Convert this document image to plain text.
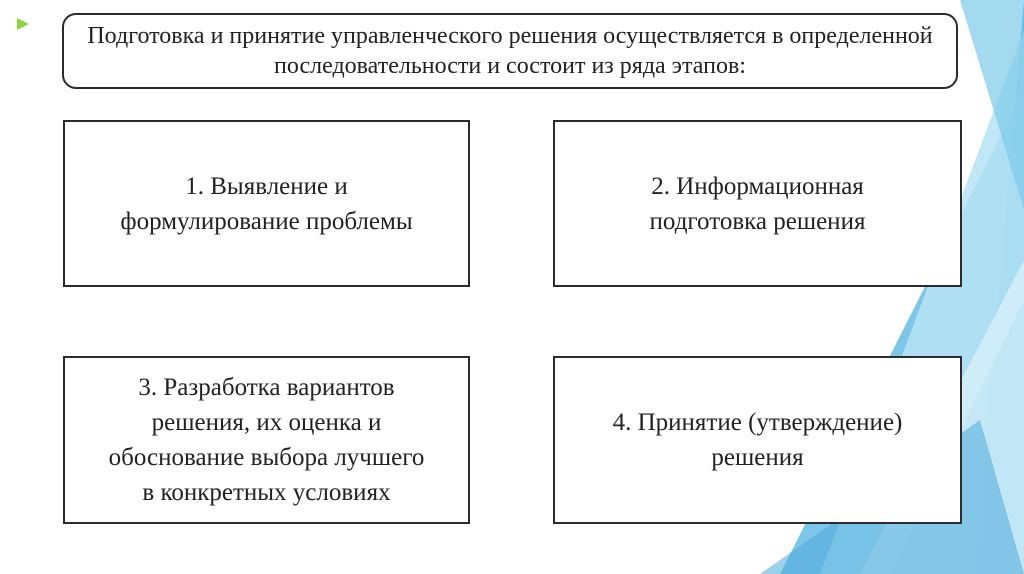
Подготовка и принятие управленческого решения осуществляется в определенной последовательности и состоит из ряда этапов:
1. Выявление и
формулирование проблемы
2. Информационная
подготовка решения
3. Разработка вариантов
решения, их оценка и
обоснование выбора лучшего
в конкретных условиях
4. Принятие (утверждение)
решения
